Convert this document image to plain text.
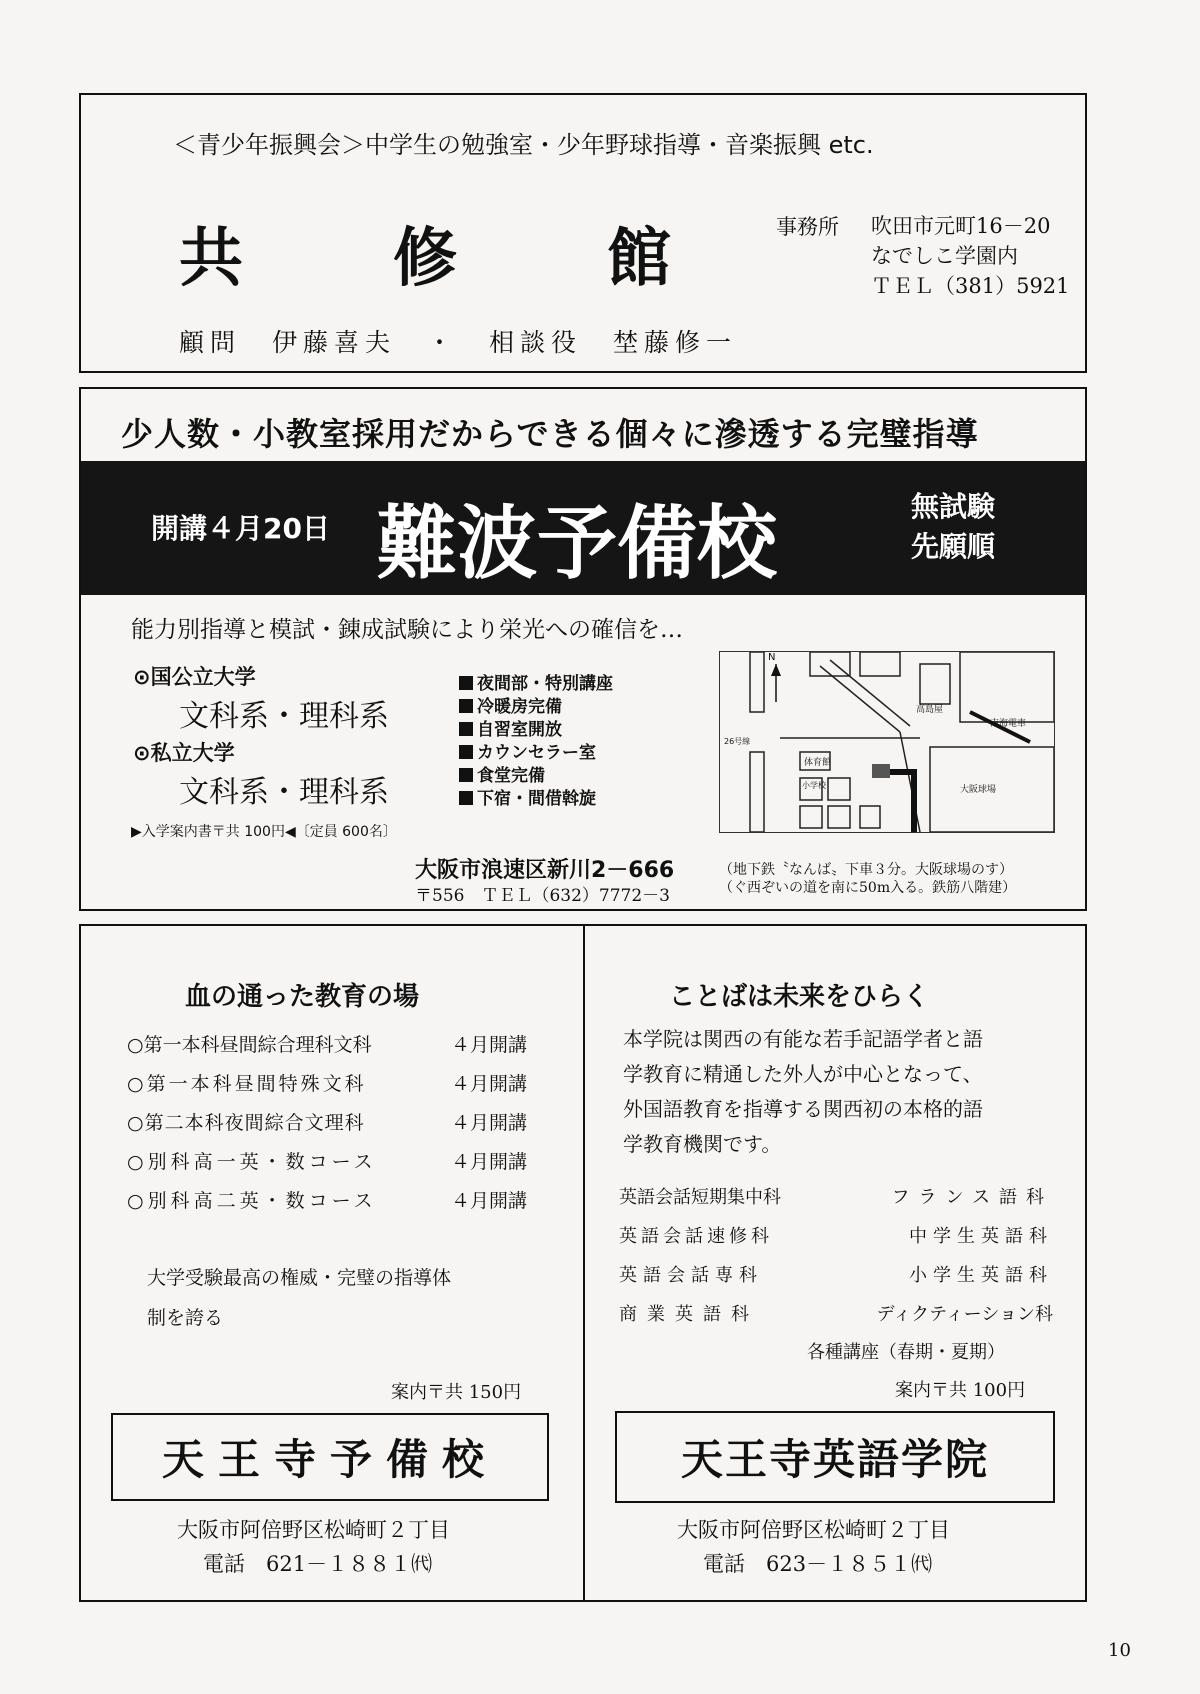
＜青少年振興会＞中学生の勉強室・少年野球指導・音楽振興 etc.
共 修 館	事務所 吹田市元町16－20
なでしこ学園内
ＴＥＬ（381）5921
顧問　伊藤喜夫　・　相談役　埜藤修一
少人数・小教室採用だからできる個々に滲透する完璧指導
開講４月20日 難波予備校	無試験
先願順
能力別指導と模試・錬成試験により栄光への確信を…
⊙国公立大学
文科系・理科系
⊙私立大学
文科系・理科系
夜間部・特別講座
冷暖房完備
自習室開放
カウンセラー室
食堂完備
下宿・間借斡旋
▶入学案内書〒共 100円◀〔定員 600名〕
N
高島屋
南海電車
体育館
小学校	大阪球場
26号線
大阪市浪速区新川2－666
〒556　ＴＥＬ（632）7772－3
（地下鉄〝なんば〟下車３分。大阪球場のす）
（ぐ西ぞいの道を南に50m入る。鉄筋八階建）
血の通った教育の場
○第一本科昼間綜合理科文科	４月開講
○第一本科昼間特殊文科	４月開講
○第二本科夜間綜合文理科	４月開講
○別科高一英・数コース	４月開講
○別科高二英・数コース	４月開講
大学受験最高の権威・完璧の指導体
制を誇る
案内〒共 150円
天王寺予備校
大阪市阿倍野区松崎町２丁目
電話　621－１８８１㈹
ことばは未来をひらく
本学院は関西の有能な若手記語学者と語
学教育に精通した外人が中心となって、
外国語教育を指導する関西初の本格的語
学教育機関です。
英語会話短期集中科	フランス語科
英語会話速修科	中学生英語科
英語会話専科	小学生英語科
商業英語科	ディクティーション科
各種講座（春期・夏期）
案内〒共 100円
天王寺英語学院
大阪市阿倍野区松崎町２丁目
電話　623－１８５１㈹
10
